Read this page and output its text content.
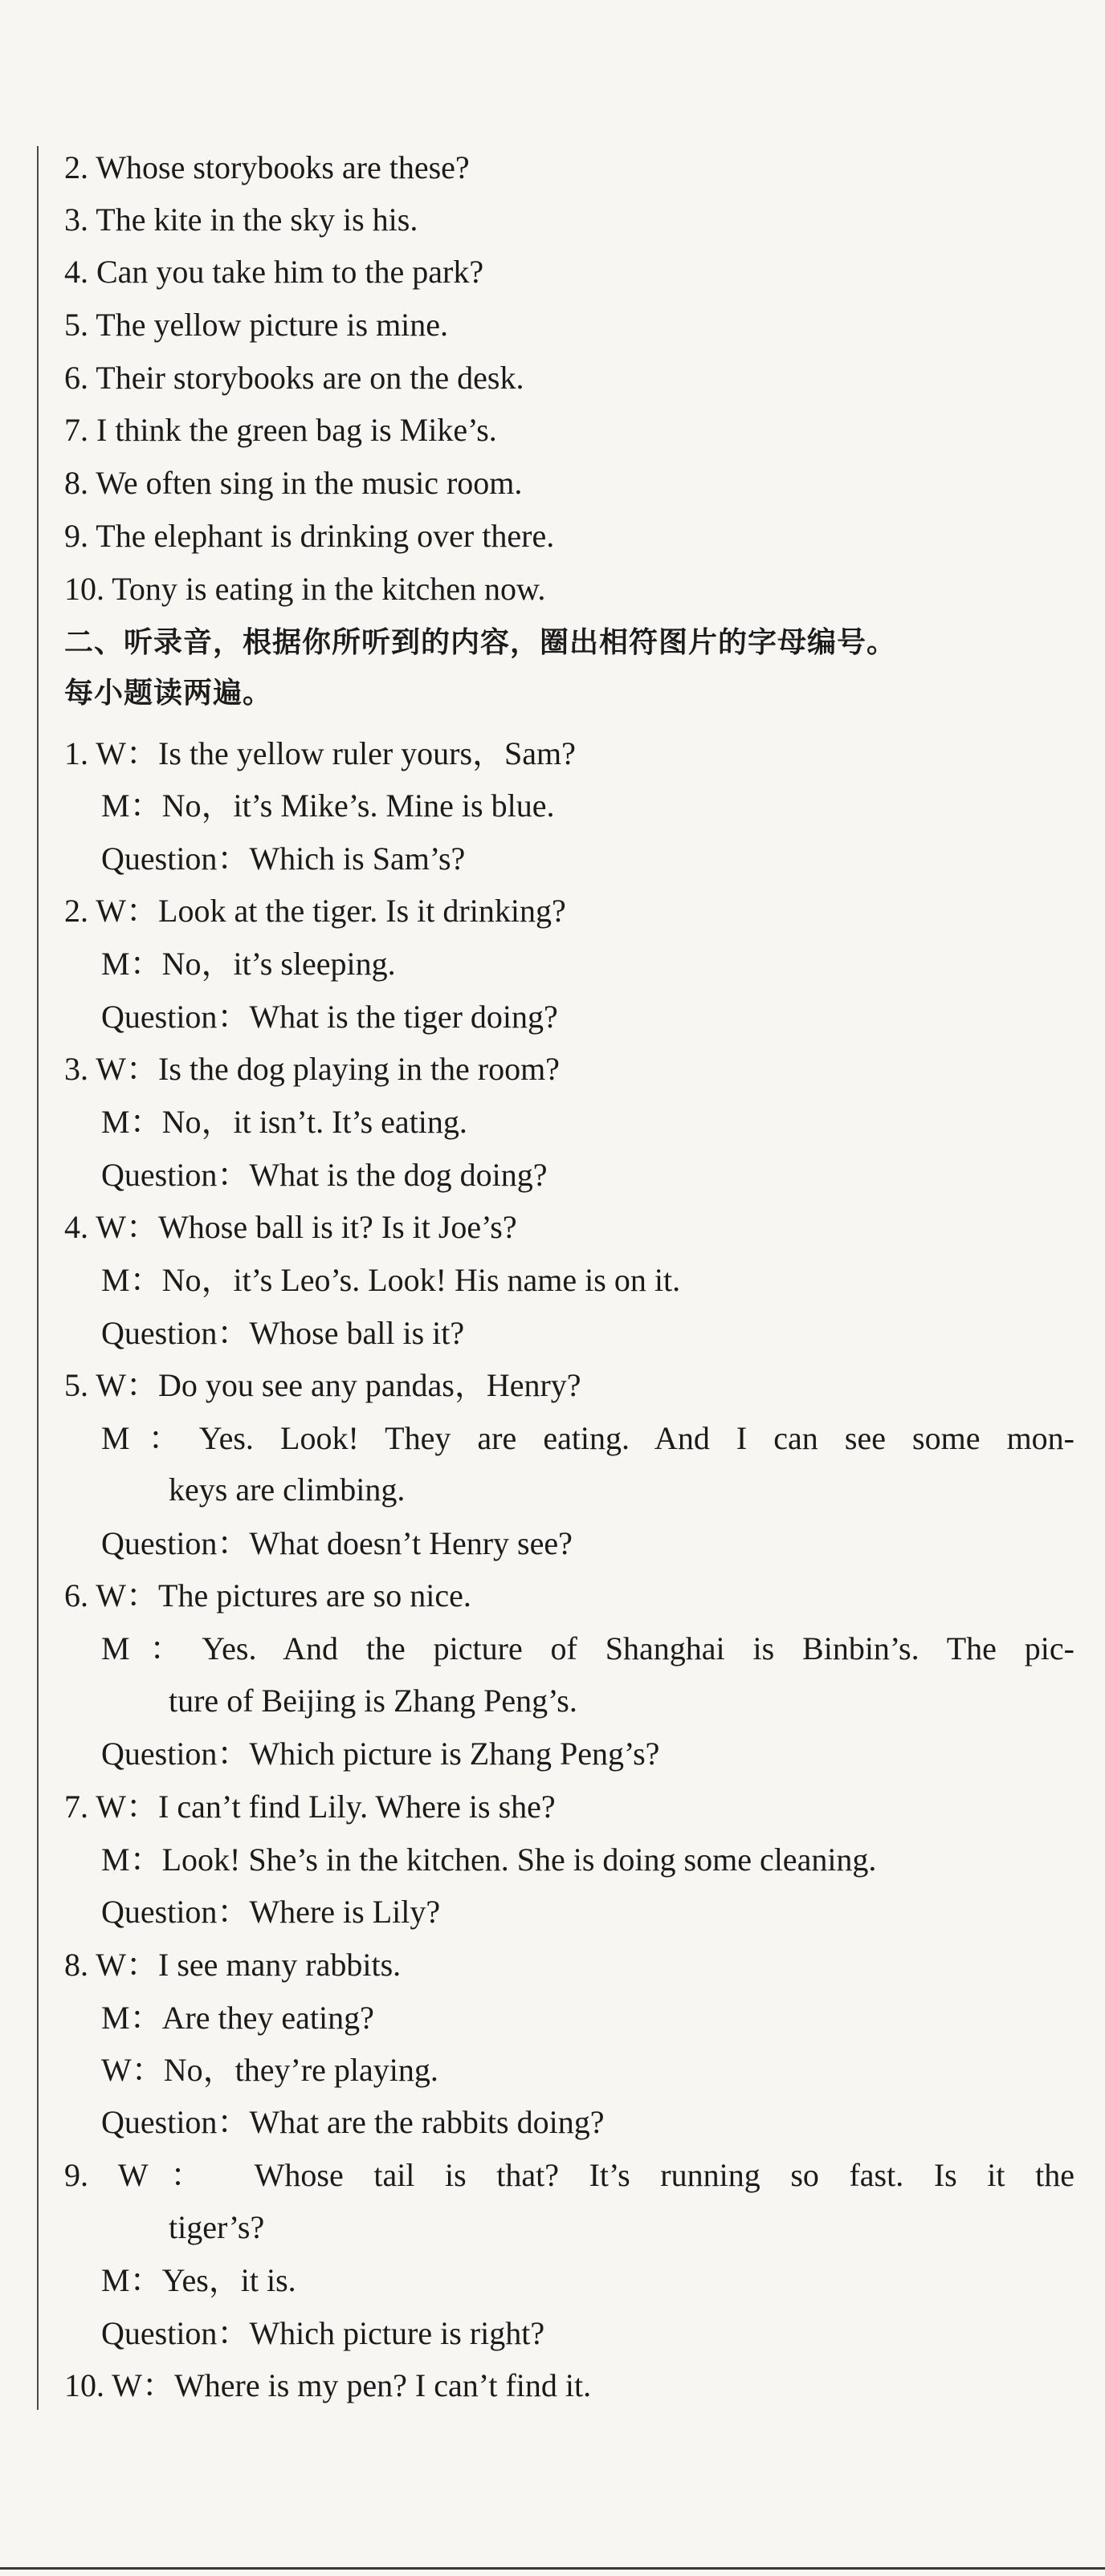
2. Whose storybooks are these?
3. The kite in the sky is his.
4. Can you take him to the park?
5. The yellow picture is mine.
6. Their storybooks are on the desk.
7. I think the green bag is Mike’s.
8. We often sing in the music room.
9. The elephant is drinking over there.
10. Tony is eating in the kitchen now.
二、听录音，根据你所听到的内容，圈出相符图片的字母编号。
每小题读两遍。
1. W：Is the yellow ruler yours，Sam?
M：No，it’s Mike’s. Mine is blue.
Question：Which is Sam’s?
2. W：Look at the tiger. Is it drinking?
M：No，it’s sleeping.
Question：What is the tiger doing?
3. W：Is the dog playing in the room?
M：No，it isn’t. It’s eating.
Question：What is the dog doing?
4. W：Whose ball is it? Is it Joe’s?
M：No，it’s Leo’s. Look! His name is on it.
Question：Whose ball is it?
5. W：Do you see any pandas，Henry?
M：Yes. Look! They are eating. And I can see some mon-
keys are climbing.
Question：What doesn’t Henry see?
6. W：The pictures are so nice.
M：Yes. And the picture of Shanghai is Binbin’s. The pic-
ture of Beijing is Zhang Peng’s.
Question：Which picture is Zhang Peng’s?
7. W：I can’t find Lily. Where is she?
M：Look! She’s in the kitchen. She is doing some cleaning.
Question：Where is Lily?
8. W：I see many rabbits.
M：Are they eating?
W：No，they’re playing.
Question：What are the rabbits doing?
9. W： Whose tail is that? It’s running so fast. Is it the
tiger’s?
M：Yes，it is.
Question：Which picture is right?
10. W：Where is my pen? I can’t find it.
